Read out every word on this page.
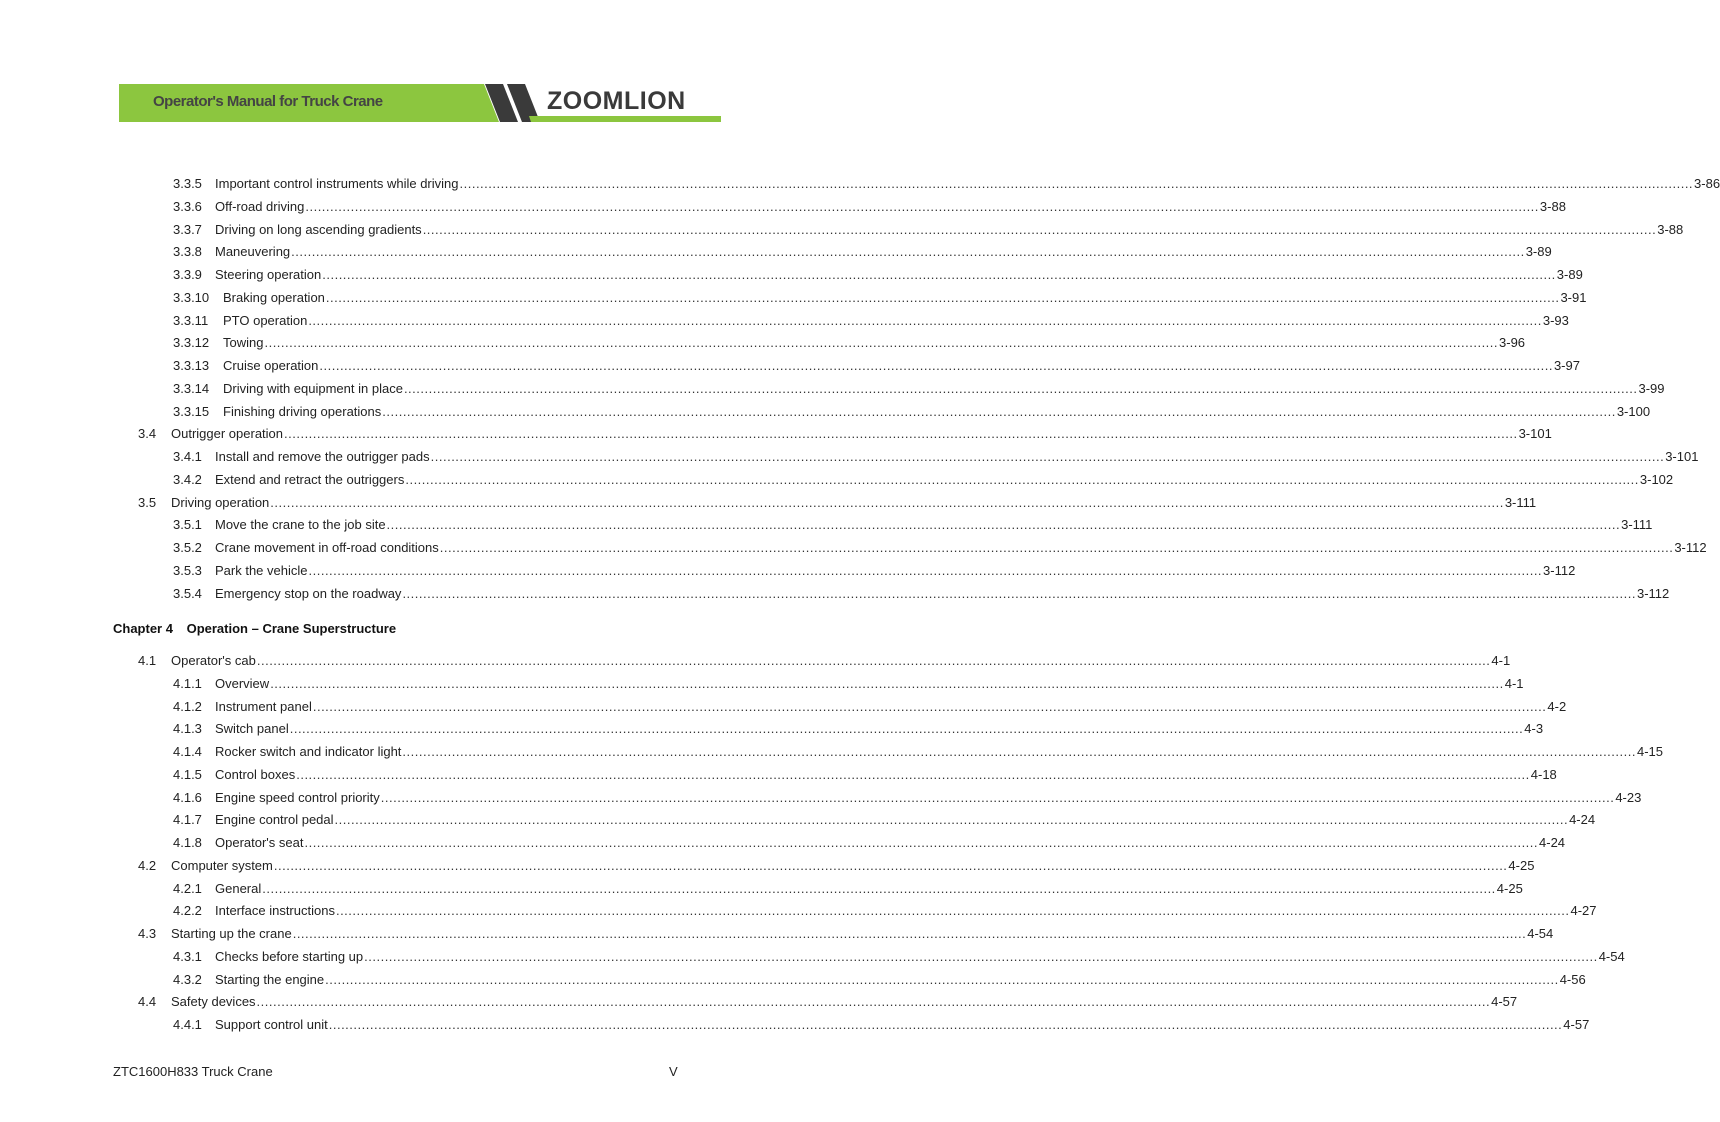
Operator's Manual for Truck Crane	ZOOMLION
3.3.5	Important control instruments while driving ............................................................................................................................................................................................................................................................................................................ 3-86
3.3.6	Off-road driving ............................................................................................................................................................................................................................................................................................................ 3-88
3.3.7	Driving on long ascending gradients ............................................................................................................................................................................................................................................................................................................ 3-88
3.3.8	Maneuvering ............................................................................................................................................................................................................................................................................................................ 3-89
3.3.9	Steering operation ............................................................................................................................................................................................................................................................................................................ 3-89
3.3.10	Braking operation ............................................................................................................................................................................................................................................................................................................ 3-91
3.3.11	PTO operation ............................................................................................................................................................................................................................................................................................................ 3-93
3.3.12	Towing ............................................................................................................................................................................................................................................................................................................ 3-96
3.3.13	Cruise operation ............................................................................................................................................................................................................................................................................................................ 3-97
3.3.14	Driving with equipment in place ............................................................................................................................................................................................................................................................................................................ 3-99
3.3.15	Finishing driving operations ............................................................................................................................................................................................................................................................................................................ 3-100
3.4	Outrigger operation ............................................................................................................................................................................................................................................................................................................ 3-101
3.4.1	Install and remove the outrigger pads ............................................................................................................................................................................................................................................................................................................ 3-101
3.4.2	Extend and retract the outriggers ............................................................................................................................................................................................................................................................................................................ 3-102
3.5	Driving operation ............................................................................................................................................................................................................................................................................................................ 3-111
3.5.1	Move the crane to the job site ............................................................................................................................................................................................................................................................................................................ 3-111
3.5.2	Crane movement in off-road conditions ............................................................................................................................................................................................................................................................................................................ 3-112
3.5.3	Park the vehicle ............................................................................................................................................................................................................................................................................................................ 3-112
3.5.4	Emergency stop on the roadway ............................................................................................................................................................................................................................................................................................................ 3-112
4.1	Operator's cab ............................................................................................................................................................................................................................................................................................................ 4-1
4.1.1	Overview ............................................................................................................................................................................................................................................................................................................ 4-1
4.1.2	Instrument panel ............................................................................................................................................................................................................................................................................................................ 4-2
4.1.3	Switch panel ............................................................................................................................................................................................................................................................................................................ 4-3
4.1.4	Rocker switch and indicator light ............................................................................................................................................................................................................................................................................................................ 4-15
4.1.5	Control boxes ............................................................................................................................................................................................................................................................................................................ 4-18
4.1.6	Engine speed control priority ............................................................................................................................................................................................................................................................................................................ 4-23
4.1.7	Engine control pedal ............................................................................................................................................................................................................................................................................................................ 4-24
4.1.8	Operator's seat ............................................................................................................................................................................................................................................................................................................ 4-24
4.2	Computer system ............................................................................................................................................................................................................................................................................................................ 4-25
4.2.1	General ............................................................................................................................................................................................................................................................................................................ 4-25
4.2.2	Interface instructions ............................................................................................................................................................................................................................................................................................................ 4-27
4.3	Starting up the crane ............................................................................................................................................................................................................................................................................................................ 4-54
4.3.1	Checks before starting up ............................................................................................................................................................................................................................................................................................................ 4-54
4.3.2	Starting the engine ............................................................................................................................................................................................................................................................................................................ 4-56
4.4	Safety devices ............................................................................................................................................................................................................................................................................................................ 4-57
4.4.1	Support control unit ............................................................................................................................................................................................................................................................................................................ 4-57
Chapter 4 Operation – Crane Superstructure
ZTC1600H833 Truck Crane	V
